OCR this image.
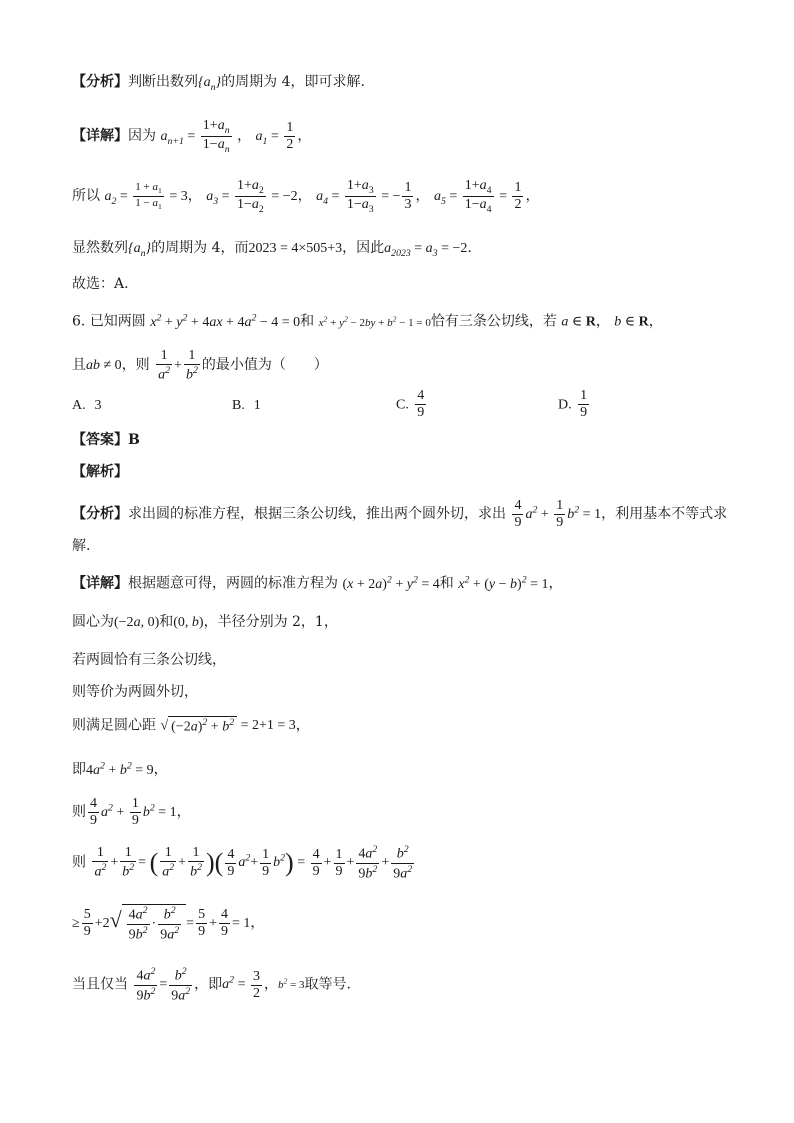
【分析】判断出数列$\{a_n\}$的周期为 4，即可求解.
【详解】因为 $a_{n+1} = \frac{1+a_n}{1-a_n}$ ， $a_1 = \frac{1}{2}$ ，
所以 $a_2 = \frac{1 + a_1}{1 - a_1} = 3$， $a_3 = \frac{1+a_2}{1-a_2} = -2$， $a_4 = \frac{1+a_3}{1-a_3}$ = − $\frac{1}{3}$ ， $a_5 = \frac{1+a_4}{1-a_4} = \frac{1}{2}$ ，
显然数列$\{a_n\}$的周期为 4，而2023 = 4×505+3，因此$a_{2023} = a_3 = -2$.
故选：A.
6. 已知两圆 $x^2 + y^2 + 4ax + 4a^2 - 4 = 0$和 $x^2 + y^2 - 2by + b^2 - 1 = 0$恰有三条公切线，若 a ∈ R， b ∈ R，
且ab ≠ 0，则 $\frac{1}{a^2} + \frac{1}{b^2}$ 的最小值为（　　）
A. 3	B. 1	C. $\frac{4}{9}$	D. $\frac{1}{9}$
【答案】B
【解析】
【分析】求出圆的标准方程，根据三条公切线，推出两个圆外切，求出 $\frac{4}{9} a^2 + \frac{1}{9} b^2 = 1$，利用基本不等式求
解.
【详解】根据题意可得，两圆的标准方程为 $(x + 2a)^2 + y^2 = 4$和 $x^2 + (y - b)^2 = 1$，
圆心为(−2a, 0)和(0, b)，半径分别为 2，1，
若两圆恰有三条公切线，
则等价为两圆外切，
则满足圆心距 √ $(-2a)^2 + b^2 = 2+1 = 3$，
即$4a^2 + b^2 = 9$，
则 $\frac{4}{9} a^2 + \frac{1}{9} b^2 = 1$，
则 $\frac{1}{a^2} + \frac{1}{b^2}$ = ( $\frac{1}{a^2} + \frac{1}{b^2}$ )( $\frac{4}{9} a^2+ \frac{1}{9} b^2) = \frac{4}{9} + \frac{1}{9} + \frac{4a^2}{9b^2} + \frac{b^2}{9a^2}$
≥ $\frac{5}{9} +2√ \frac{4a^2}{9b^2} \cdot \frac{b^2}{9a^2} = \frac{5}{9} + \frac{4}{9} = 1$，
当且仅当 $\frac{4a^2}{9b^2} = \frac{b^2}{9a^2}$ ，即$a^2 = \frac{3}{2}$ ，$b^2 = 3$取等号.
